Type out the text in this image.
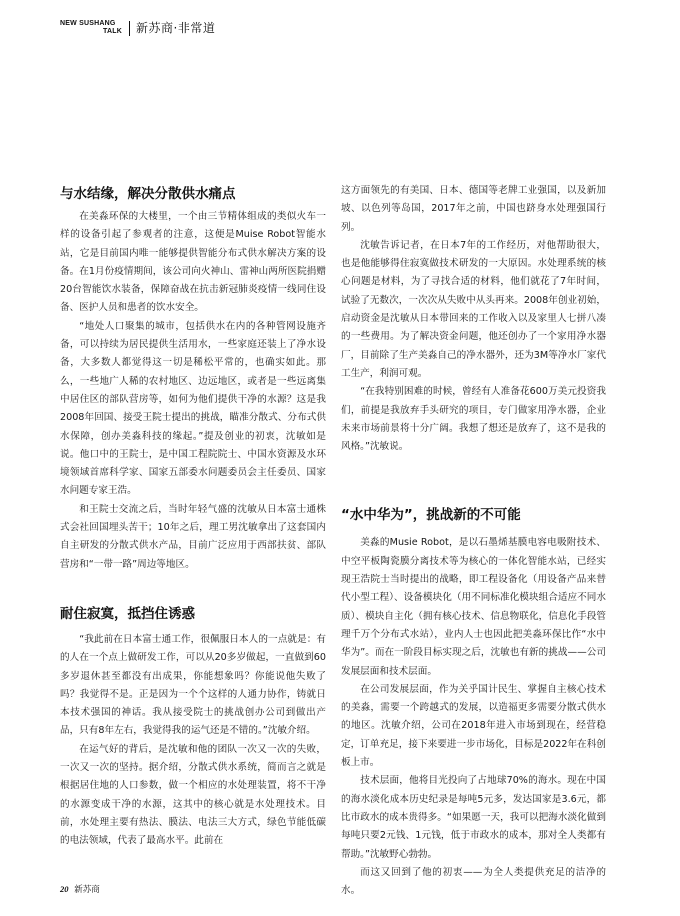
NEW SUSHANG
TALK	新苏商·非常道
与水结缘，解决分散供水痛点

在美淼环保的大楼里，一个由三节精体组成的类似火车一样的设备引起了参观者的注意，这便是Muise Robot智能水站，它是目前国内唯一能够提供智能分布式供水解决方案的设备。在1月份疫情期间，该公司向火神山、雷神山两所医院捐赠20台智能饮水装备，保障奋战在抗击新冠肺炎疫情一线同住设备、医护人员和患者的饮水安全。

“地处人口聚集的城市，包括供水在内的各种管网设施齐备，可以持续为居民提供生活用水，一些家庭还装上了净水设备，大多数人都觉得这一切是稀松平常的，也确实如此。那么，一些地广人稀的农村地区、边远地区，或者是一些远离集中居住区的部队营房等，如何为他们提供干净的水源？这是我2008年回国、接受王院士提出的挑战，瞄准分散式、分布式供水保障，创办美淼科技的缘起。”提及创业的初衷，沈敏如是说。他口中的王院士，是中国工程院院士、中国水资源及水环境领域首席科学家、国家五部委水问题委员会主任委员、国家水问题专家王浩。

和王院士交流之后，当时年轻气盛的沈敏从日本富士通株式会社回国埋头苦干；10年之后，理工男沈敏拿出了这套国内自主研发的分散式供水产品，目前广泛应用于西部扶贫、部队营房和“一带一路”周边等地区。

耐住寂寞，抵挡住诱惑

“我此前在日本富士通工作，很佩服日本人的一点就是：有的人在一个点上做研发工作，可以从20多岁做起，一直做到60多岁退休甚至都没有出成果，你能想象吗？你能说他失败了吗？我觉得不是。正是因为一个个这样的人通力协作，铸就日本技术强国的神话。我从接受院士的挑战创办公司到做出产品，只有8年左右，我觉得我的运气还是不错的。”沈敏介绍。

在运气好的背后，是沈敏和他的团队一次又一次的失败，一次又一次的坚持。据介绍，分散式供水系统，简而言之就是根据居住地的人口参数，做一个相应的水处理装置，将不干净的水源变成干净的水源，这其中的核心就是水处理技术。目前，水处理主要有热法、膜法、电法三大方式，绿色节能低碳的电法领域，代表了最高水平。此前在

这方面领先的有美国、日本、德国等老牌工业强国，以及新加坡、以色列等岛国，2017年之前，中国也跻身水处理强国行列。

沈敏告诉记者，在日本7年的工作经历，对他帮助很大，也是他能够得住寂寞做技术研发的一大原因。水处理系统的核心问题是材料，为了寻找合适的材料，他们就花了7年时间，试验了无数次，一次次从失败中从头再来。2008年创业初始，启动资金是沈敏从日本带回来的工作收入以及家里人七拼八凑的一些费用。为了解决资金问题，他还创办了一个家用净水器厂，目前除了生产美淼自己的净水器外，还为3M等净水厂家代工生产，利润可观。

“在我特别困难的时候，曾经有人准备花600万美元投资我们，前提是我放弃手头研究的项目，专门做家用净水器，企业未来市场前景将十分广阔。我想了想还是放弃了，这不是我的风格。”沈敏说。

“水中华为”，挑战新的不可能

美淼的Musie Robot，是以石墨烯基膜电容电吸附技术、中空平板陶瓷膜分离技术等为核心的一体化智能水站，已经实现王浩院士当时提出的战略，即工程设备化（用设备产品来替代小型工程）、设备模块化（用不同标准化模块组合适应不同水质）、模块自主化（拥有核心技术、信息物联化，信息化手段管理千万个分布式水站），业内人士也因此把美淼环保比作“水中华为”。而在一阶段目标实现之后，沈敏也有新的挑战——公司发展层面和技术层面。

在公司发展层面，作为关乎国计民生、掌握自主核心技术的美淼，需要一个跨越式的发展，以造福更多需要分散式供水的地区。沈敏介绍，公司在2018年进入市场到现在，经营稳定，订单充足，接下来要进一步市场化，目标是2022年在科创板上市。

技术层面，他将目光投向了占地球70%的海水。现在中国的海水淡化成本历史纪录是每吨5元多，发达国家是3.6元，都比市政水的成本贵得多。“如果愿一天，我可以把海水淡化做到每吨只要2元钱、1元钱，低于市政水的成本，那对全人类都有帮助。”沈敏野心勃勃。

而这又回到了他的初衷——为全人类提供充足的洁净的水。

20 新苏商
